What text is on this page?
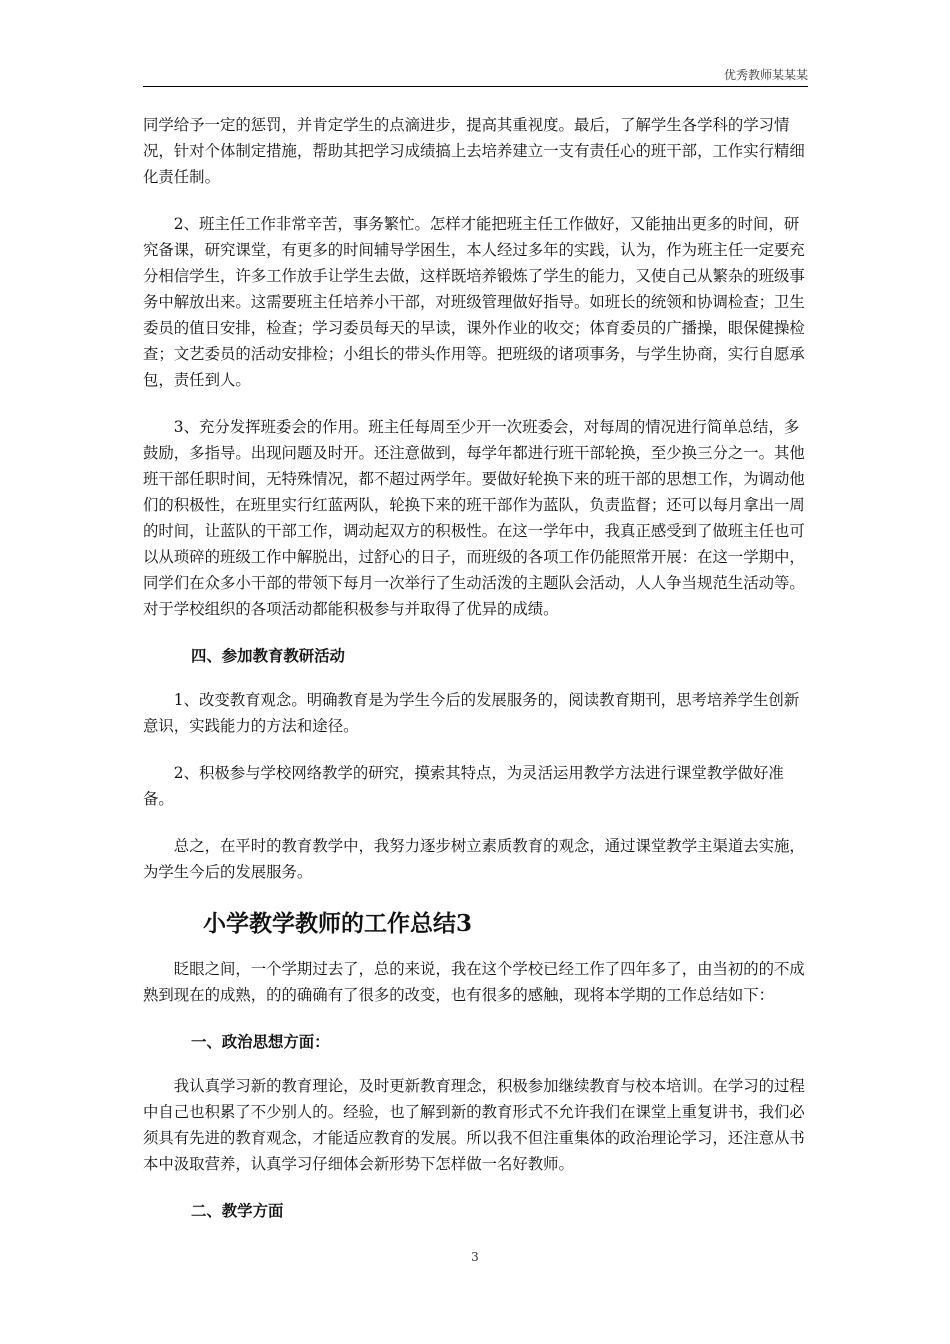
优秀教师某某某

同学给予一定的惩罚，并肯定学生的点滴进步，提高其重视度。最后，了解学生各学科的学习情况，针对个体制定措施，帮助其把学习成绩搞上去培养建立一支有责任心的班干部，工作实行精细化责任制。

2、班主任工作非常辛苦，事务繁忙。怎样才能把班主任工作做好，又能抽出更多的时间，研究备课，研究课堂，有更多的时间辅导学困生，本人经过多年的实践，认为，作为班主任一定要充分相信学生，许多工作放手让学生去做，这样既培养锻炼了学生的能力，又使自己从繁杂的班级事务中解放出来。这需要班主任培养小干部，对班级管理做好指导。如班长的统领和协调检查；卫生委员的值日安排，检查；学习委员每天的早读，课外作业的收交；体育委员的广播操，眼保健操检查；文艺委员的活动安排检；小组长的带头作用等。把班级的诸项事务，与学生协商，实行自愿承包，责任到人。

3、充分发挥班委会的作用。班主任每周至少开一次班委会，对每周的情况进行简单总结，多鼓励，多指导。出现问题及时开。还注意做到，每学年都进行班干部轮换，至少换三分之一。其他班干部任职时间，无特殊情况，都不超过两学年。要做好轮换下来的班干部的思想工作，为调动他们的积极性，在班里实行红蓝两队，轮换下来的班干部作为蓝队，负责监督；还可以每月拿出一周的时间，让蓝队的干部工作，调动起双方的积极性。在这一学年中，我真正感受到了做班主任也可以从琐碎的班级工作中解脱出，过舒心的日子，而班级的各项工作仍能照常开展：在这一学期中，同学们在众多小干部的带领下每月一次举行了生动活泼的主题队会活动，人人争当规范生活动等。对于学校组织的各项活动都能积极参与并取得了优异的成绩。

四、参加教育教研活动

1、改变教育观念。明确教育是为学生今后的发展服务的，阅读教育期刊，思考培养学生创新意识，实践能力的方法和途径。

2、积极参与学校网络教学的研究，摸索其特点，为灵活运用教学方法进行课堂教学做好准备。

总之，在平时的教育教学中，我努力逐步树立素质教育的观念，通过课堂教学主渠道去实施，为学生今后的发展服务。

小学教学教师的工作总结3

眨眼之间，一个学期过去了，总的来说，我在这个学校已经工作了四年多了，由当初的的不成熟到现在的成熟，的的确确有了很多的改变，也有很多的感触，现将本学期的工作总结如下：

一、政治思想方面：

我认真学习新的教育理论，及时更新教育理念，积极参加继续教育与校本培训。在学习的过程中自己也积累了不少别人的。经验，也了解到新的教育形式不允许我们在课堂上重复讲书，我们必须具有先进的教育观念，才能适应教育的发展。所以我不但注重集体的政治理论学习，还注意从书本中汲取营养，认真学习仔细体会新形势下怎样做一名好教师。

二、教学方面

3
